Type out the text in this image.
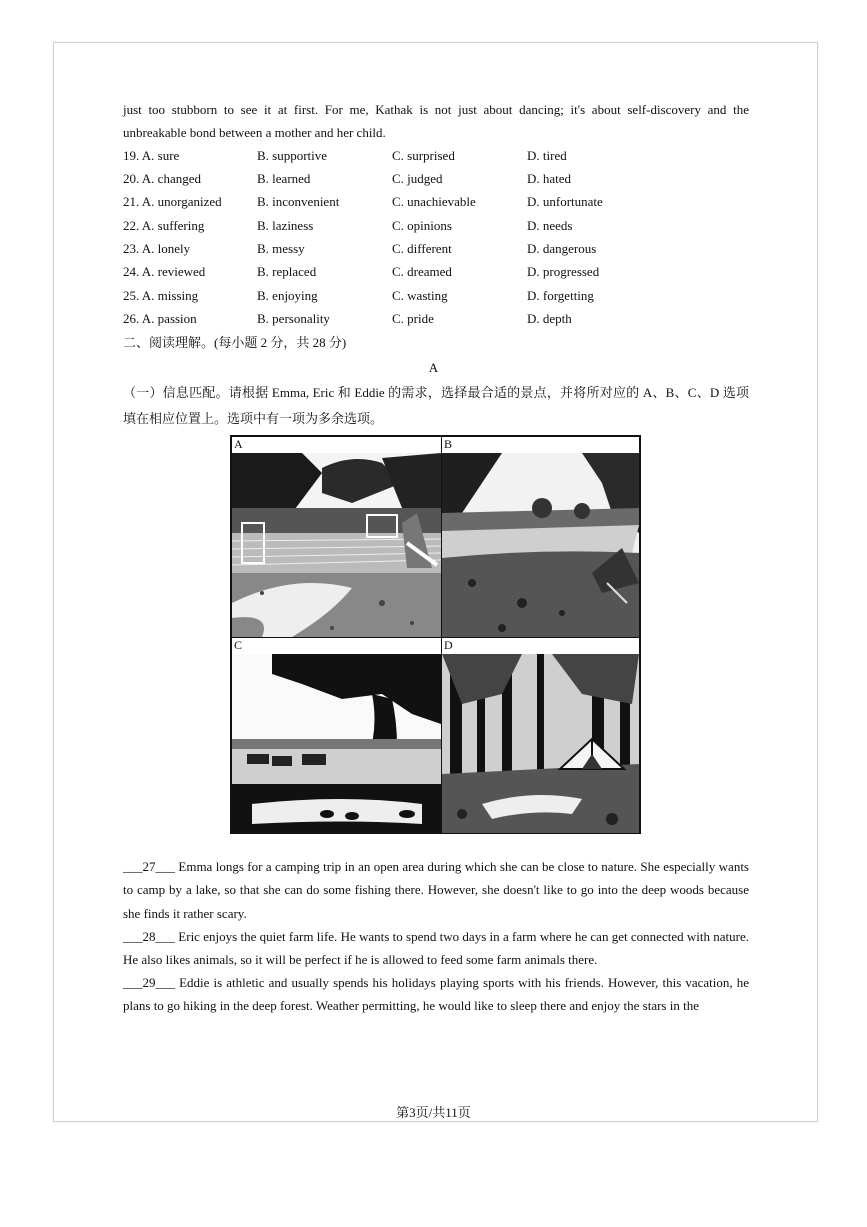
just too stubborn to see it at first. For me, Kathak is not just about dancing; it's about self-discovery and the

unbreakable bond between a mother and her child.

19. A. sure	B. supportive	C. surprised	D. tired
20. A. changed	B. learned	C. judged	D. hated
21. A. unorganized	B. inconvenient	C. unachievable	D. unfortunate
22. A. suffering	B. laziness	C. opinions	D. needs
23. A. lonely	B. messy	C. different	D. dangerous
24. A. reviewed	B. replaced	C. dreamed	D. progressed
25. A. missing	B. enjoying	C. wasting	D. forgetting
26. A. passion	B. personality	C. pride	D. depth
二、阅读理解。(每小题 2 分，共 28 分)
A
（一）信息匹配。请根据 Emma, Eric 和 Eddie 的需求，选择最合适的景点，并将所对应的 A、B、C、D 选项填在相应位置上。选项中有一项为多余选项。
A	B
C	D

___27___ Emma longs for a camping trip in an open area during which she can be close to nature. She especially wants to camp by a lake, so that she can do some fishing there. However, she doesn't like to go into the deep woods because she finds it rather scary.

___28___ Eric enjoys the quiet farm life. He wants to spend two days in a farm where he can get connected with nature. He also likes animals, so it will be perfect if he is allowed to feed some farm animals there.

___29___ Eddie is athletic and usually spends his holidays playing sports with his friends. However, this vacation, he plans to go hiking in the deep forest. Weather permitting, he would like to sleep there and enjoy the stars in the

第3页/共11页
